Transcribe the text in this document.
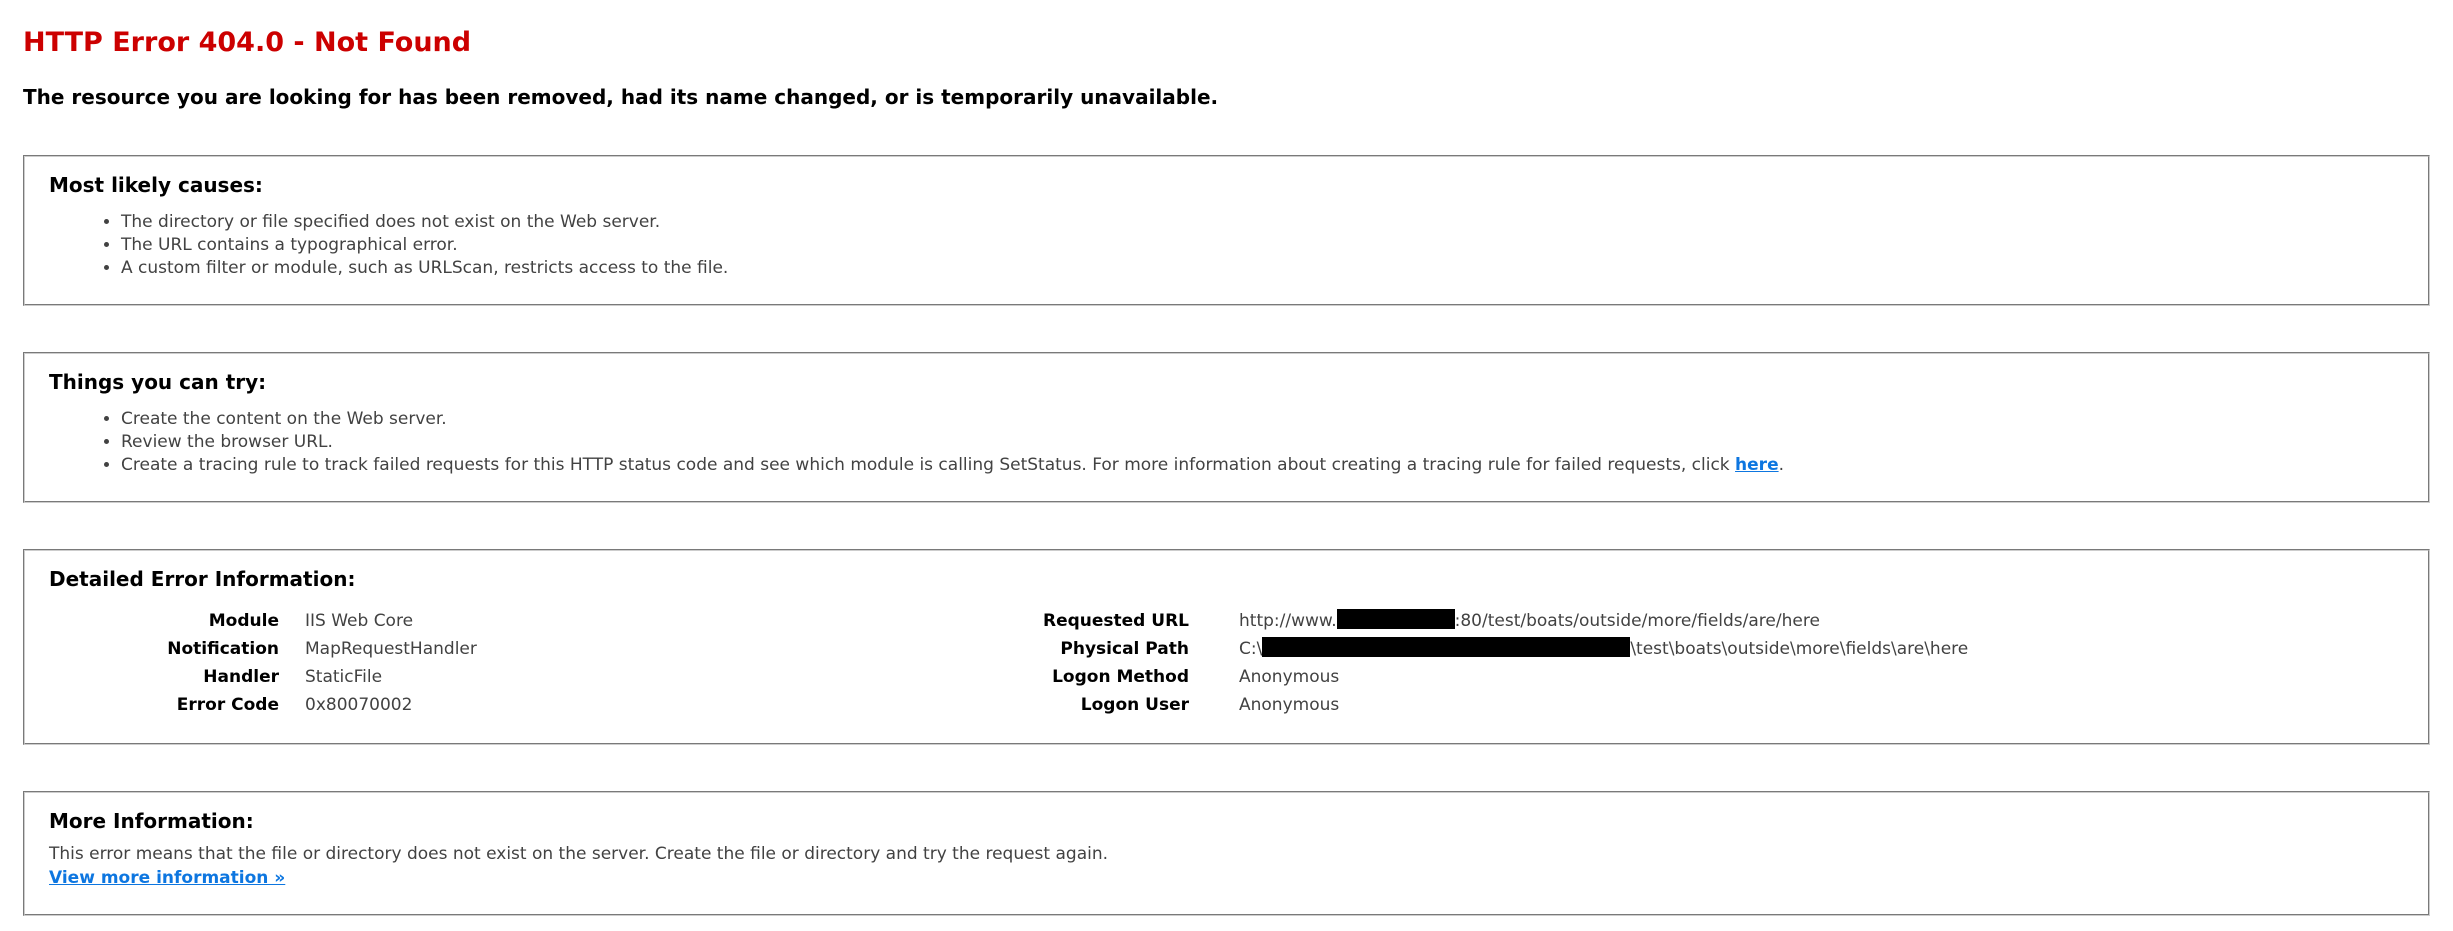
HTTP Error 404.0 - Not Found
The resource you are looking for has been removed, had its name changed, or is temporarily unavailable.
Most likely causes:
• The directory or file specified does not exist on the Web server.
• The URL contains a typographical error.
• A custom filter or module, such as URLScan, restricts access to the file.
Things you can try:
• Create the content on the Web server.
• Review the browser URL.
• Create a tracing rule to track failed requests for this HTTP status code and see which module is calling SetStatus. For more information about creating a tracing rule for failed requests, click here.
Detailed Error Information:
Module	IIS Web Core	Requested URL	http://www. :80/test/boats/outside/more/fields/are/here
Notification	MapRequestHandler	Physical Path	C:\ \test\boats\outside\more\fields\are\here
Handler	StaticFile	Logon Method	Anonymous
Error Code	0x80070002	Logon User	Anonymous
More Information:
This error means that the file or directory does not exist on the server. Create the file or directory and try the request again.
View more information »
